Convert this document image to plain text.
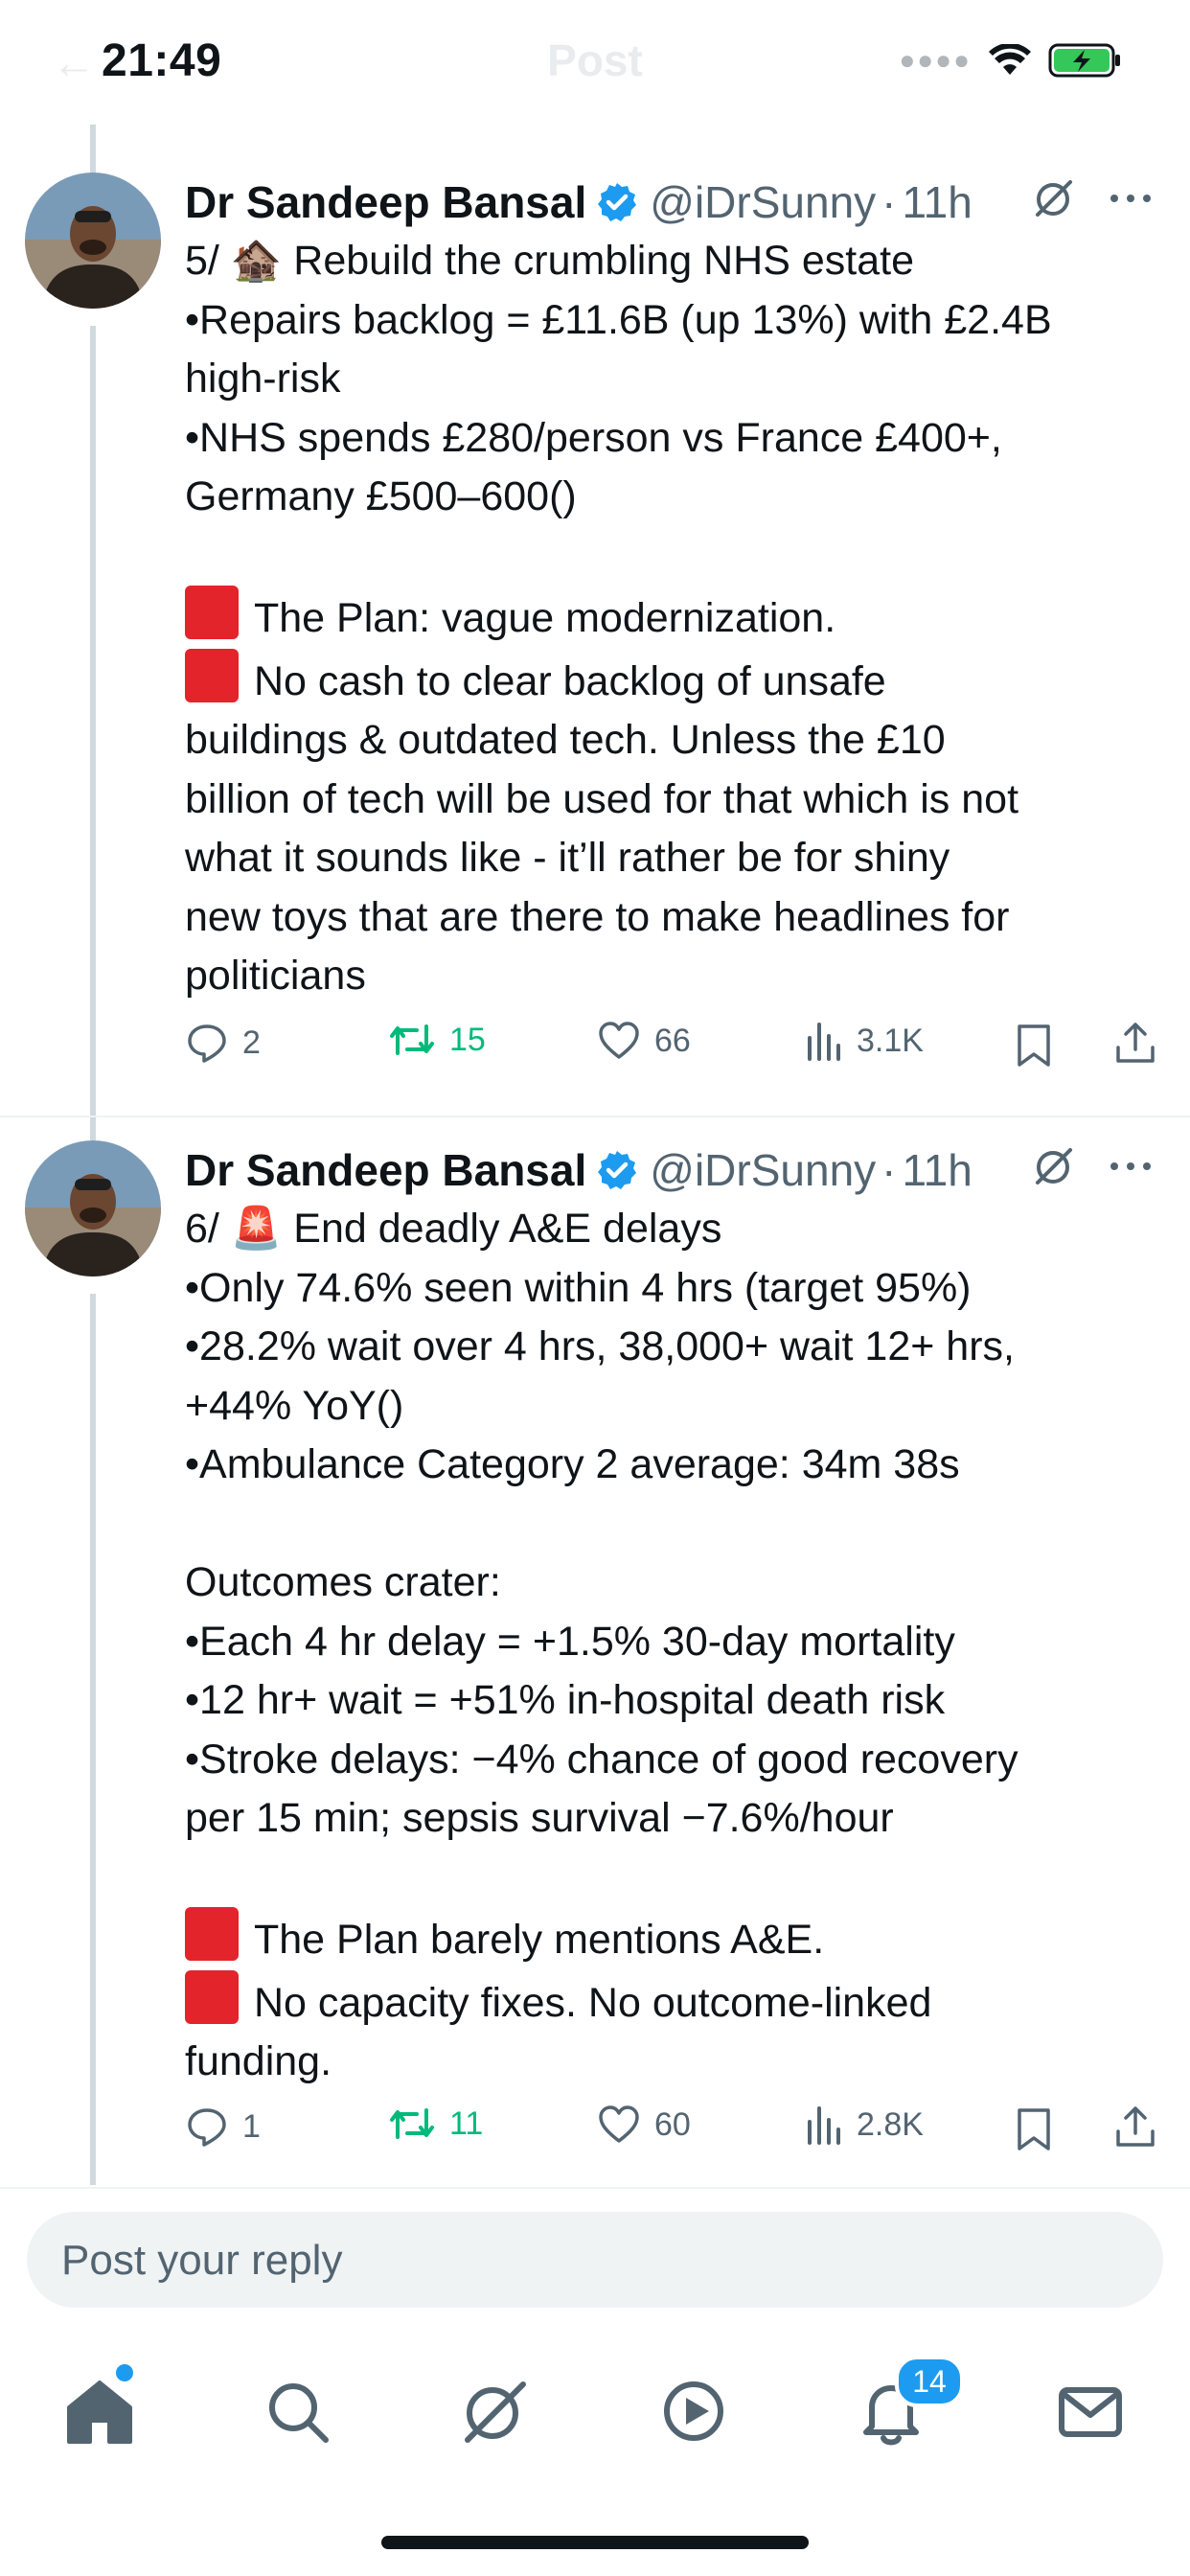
←	Post
21:49	●●●●
Dr Sandeep Bansal @iDrSunny · 11h
5/ 🏚️ Rebuild the crumbling NHS estate
•Repairs backlog = £11.6B (up 13%) with £2.4B
high-risk
•NHS spends £280/person vs France £400+,
Germany £500–600()
The Plan: vague modernization.
No cash to clear backlog of unsafe
buildings & outdated tech. Unless the £10
billion of tech will be used for that which is not
what it sounds like - it’ll rather be for shiny
new toys that are there to make headlines for
politicians
2	15	66	3.1K
Dr Sandeep Bansal @iDrSunny · 11h
6/ 🚨 End deadly A&E delays
•Only 74.6% seen within 4 hrs (target 95%)
•28.2% wait over 4 hrs, 38,000+ wait 12+ hrs,
+44% YoY()
•Ambulance Category 2 average: 34m 38s
Outcomes crater:
•Each 4 hr delay = +1.5% 30-day mortality
•12 hr+ wait = +51% in-hospital death risk
•Stroke delays: −4% chance of good recovery
per 15 min; sepsis survival −7.6%/hour
The Plan barely mentions A&E.
No capacity fixes. No outcome-linked
funding.
1	11	60	2.8K
Post your reply
14
